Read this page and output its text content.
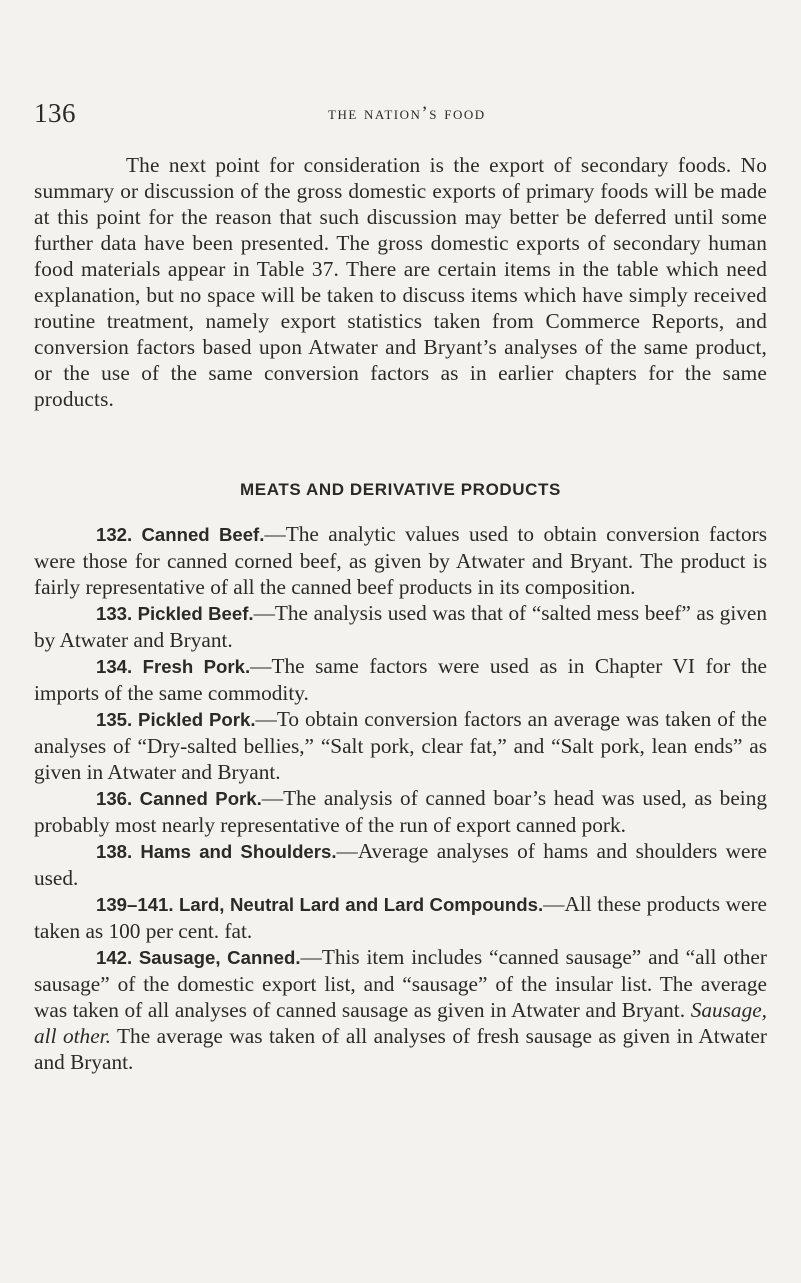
136	the nation’s food

The next point for consideration is the export of secondary foods. No summary or discussion of the gross domestic exports of primary foods will be made at this point for the reason that such discussion may better be deferred until some further data have been presented. The gross domestic exports of secondary human food materials appear in Table 37. There are certain items in the table which need explanation, but no space will be taken to discuss items which have simply received routine treatment, namely export statistics taken from Commerce Reports, and conversion factors based upon Atwater and Bryant’s analyses of the same product, or the use of the same conversion factors as in earlier chapters for the same products.

MEATS AND DERIVATIVE PRODUCTS

132. Canned Beef.—The analytic values used to obtain conversion factors were those for canned corned beef, as given by Atwater and Bryant. The product is fairly representative of all the canned beef products in its composition.

133. Pickled Beef.—The analysis used was that of “salted mess beef” as given by Atwater and Bryant.

134. Fresh Pork.—The same factors were used as in Chapter VI for the imports of the same commodity.

135. Pickled Pork.—To obtain conversion factors an average was taken of the analyses of “Dry-salted bellies,” “Salt pork, clear fat,” and “Salt pork, lean ends” as given in Atwater and Bryant.

136. Canned Pork.—The analysis of canned boar’s head was used, as being probably most nearly representative of the run of export canned pork.

138. Hams and Shoulders.—Average analyses of hams and shoulders were used.

139–141. Lard, Neutral Lard and Lard Compounds.—All these products were taken as 100 per cent. fat.

142. Sausage, Canned.—This item includes “canned sausage” and “all other sausage” of the domestic export list, and “sausage” of the insular list. The average was taken of all analyses of canned sausage as given in Atwater and Bryant. Sausage, all other. The average was taken of all analyses of fresh sausage as given in Atwater and Bryant.
